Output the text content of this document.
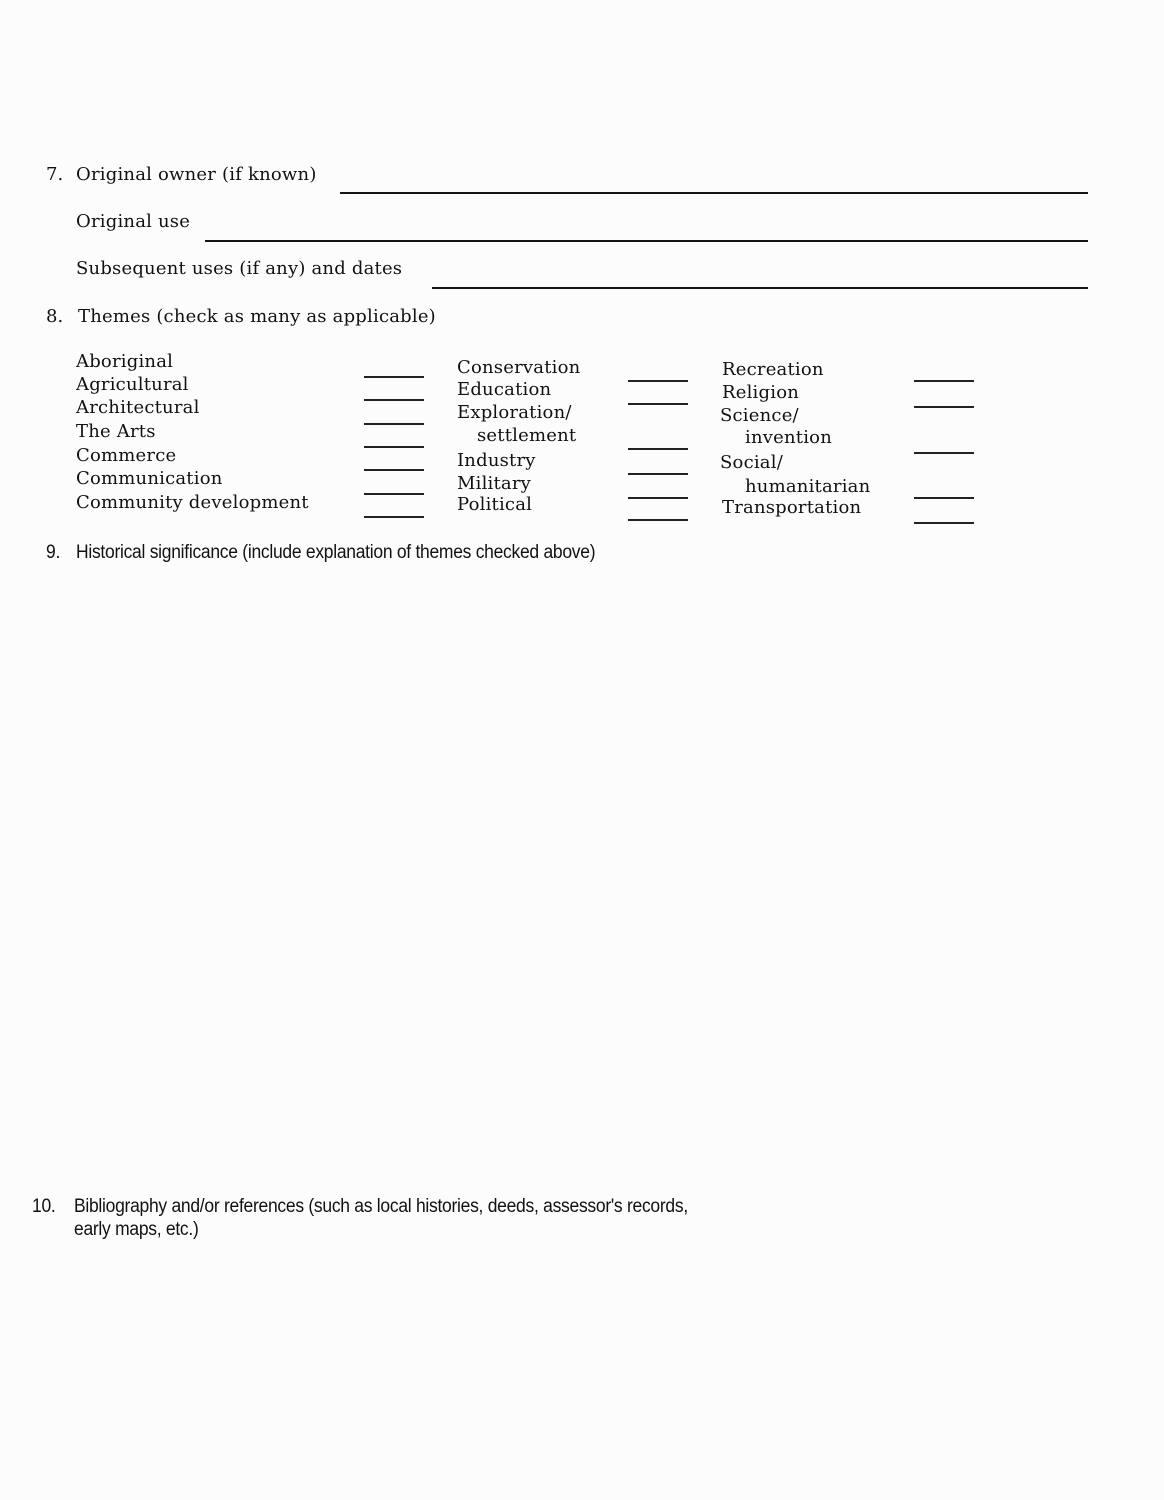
7. Original owner (if known)
Original use
Subsequent uses (if any) and dates
8. Themes (check as many as applicable)
Aboriginal
Agricultural
Architectural
The Arts
Commerce
Communication
Community development
Conservation
Education
Exploration/
settlement
Industry
Military
Political
Recreation
Religion
Science/
invention
Social/
humanitarian
Transportation
9. Historical significance (include explanation of themes checked above)
10. Bibliography and/or references (such as local histories, deeds, assessor's records,
early maps, etc.)
